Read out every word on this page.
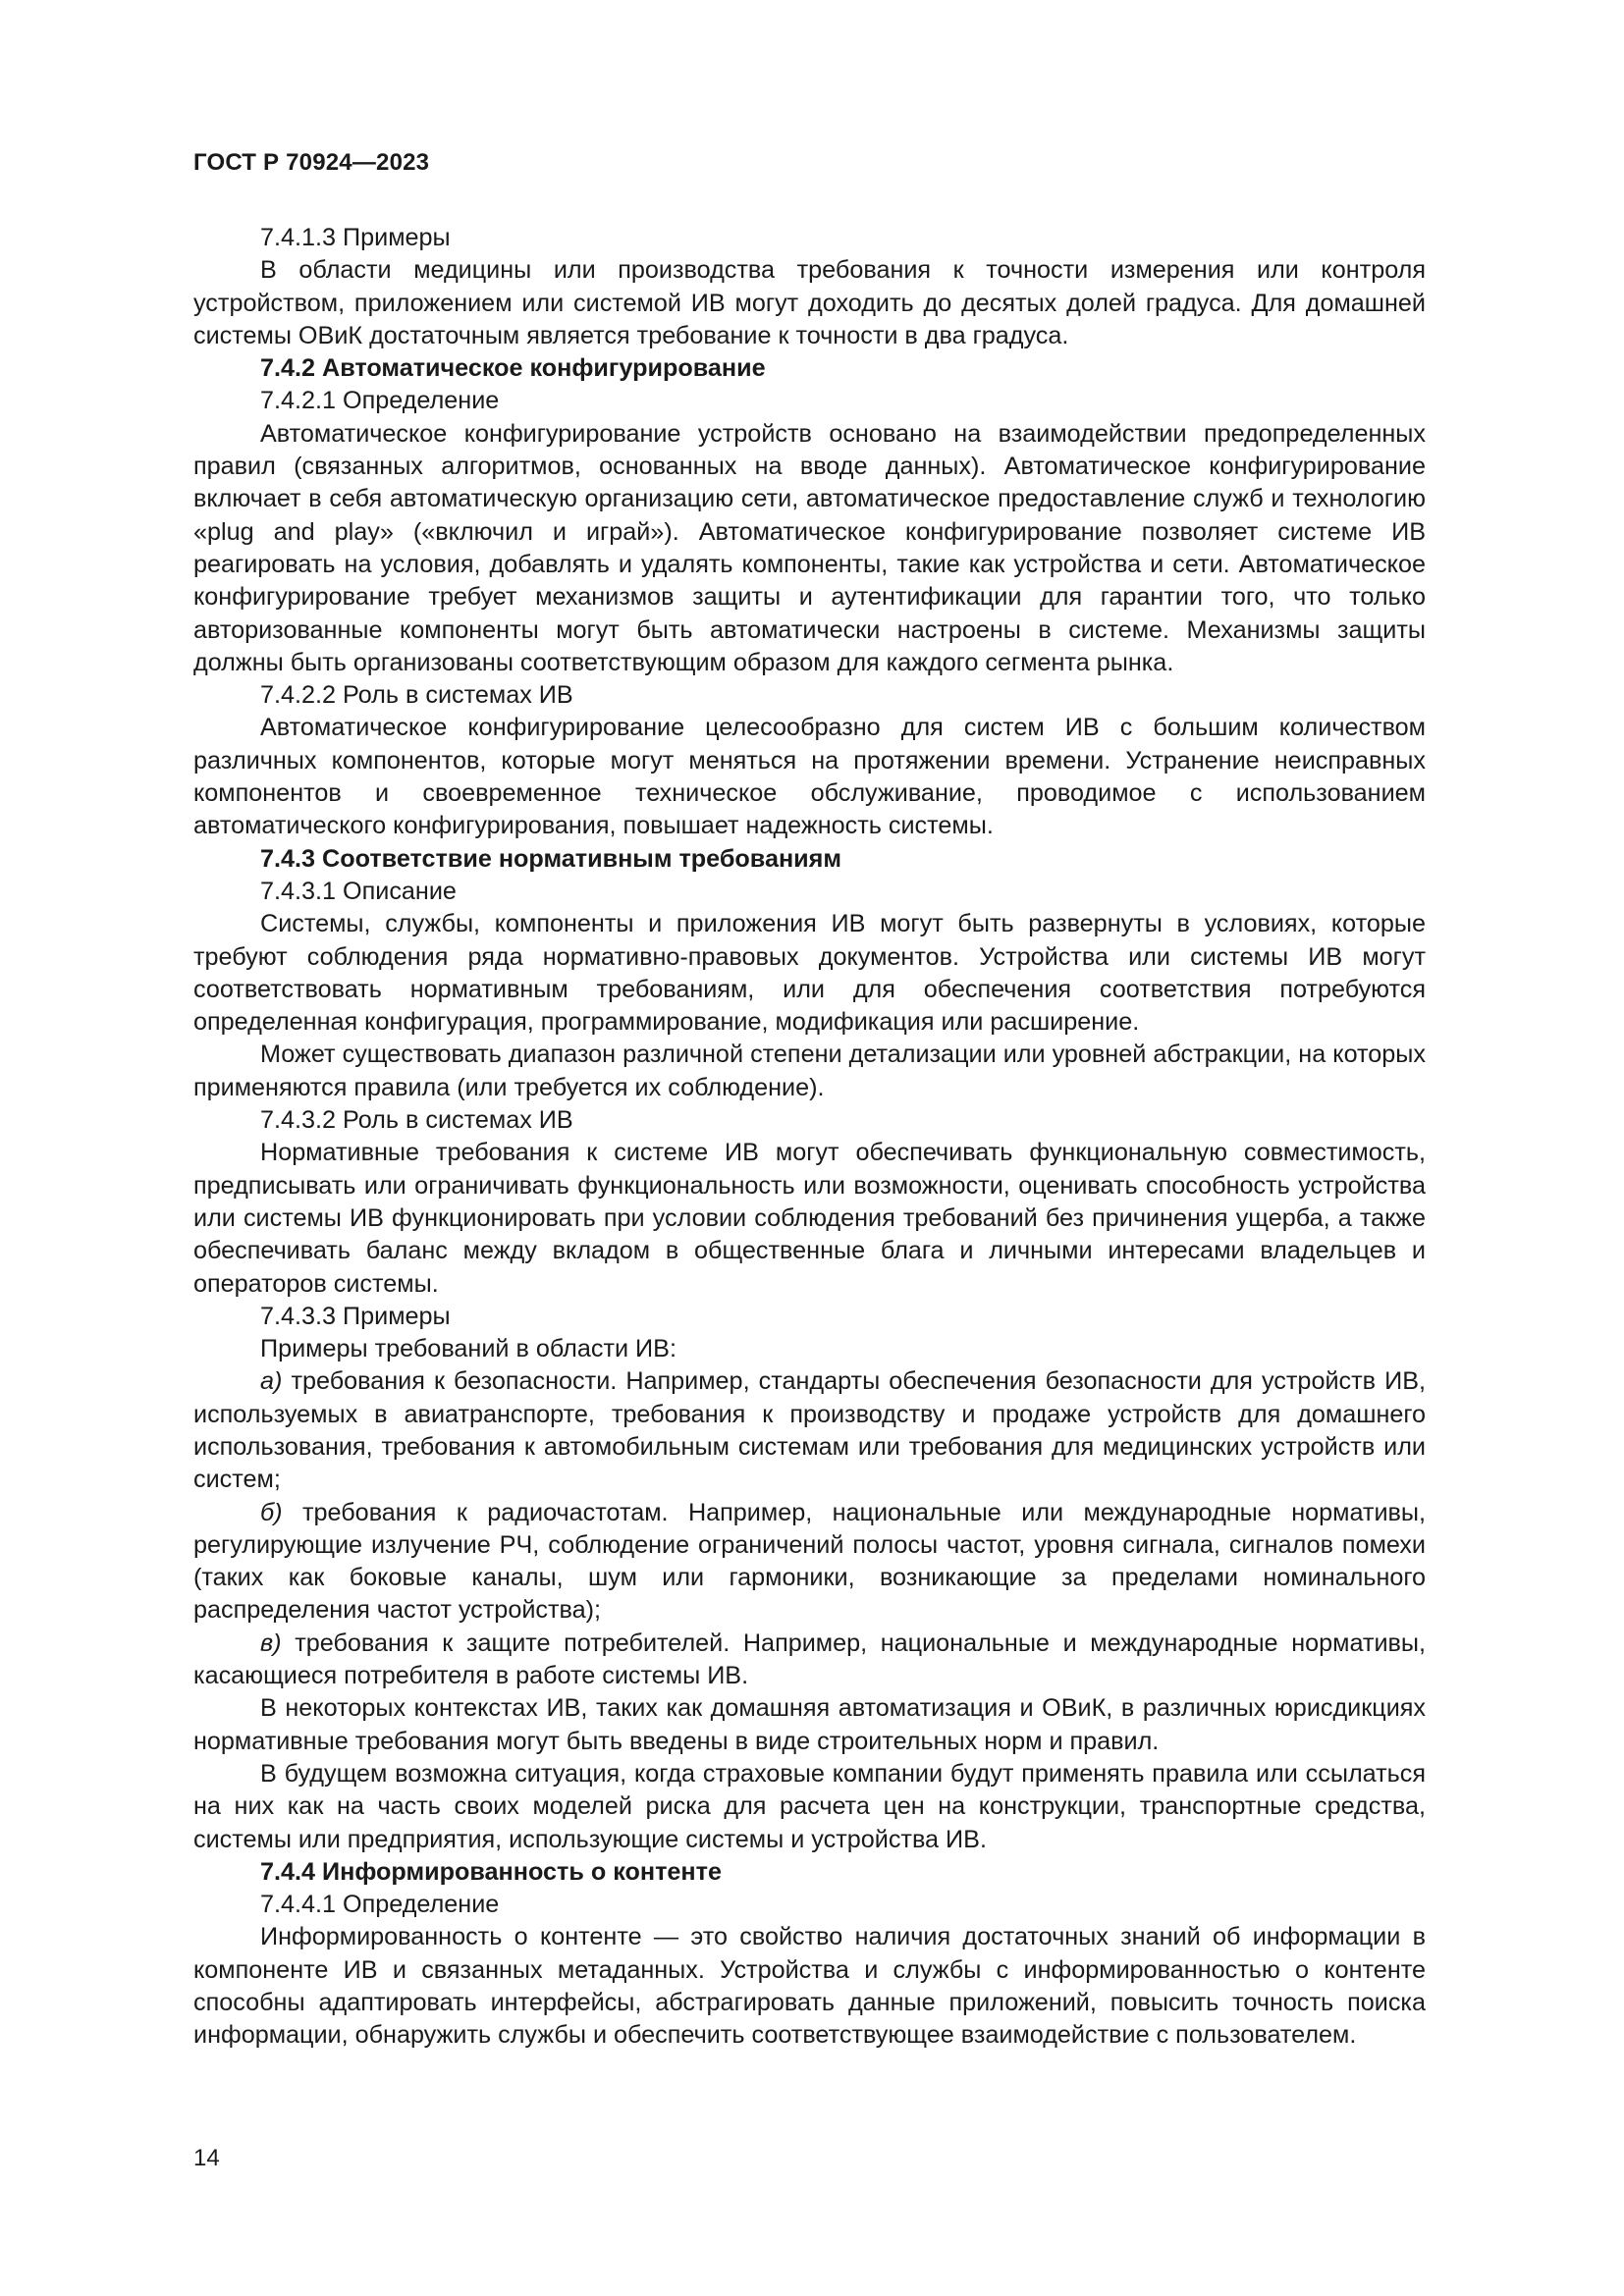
ГОСТ Р 70924—2023

7.4.1.3 Примеры

В области медицины или производства требования к точности измерения или контроля устройством, приложением или системой ИВ могут доходить до десятых долей градуса. Для домашней системы ОВиК достаточным является требование к точности в два градуса.

7.4.2 Автоматическое конфигурирование

7.4.2.1 Определение

Автоматическое конфигурирование устройств основано на взаимодействии предопределенных правил (связанных алгоритмов, основанных на вводе данных). Автоматическое конфигурирование включает в себя автоматическую организацию сети, автоматическое предоставление служб и технологию «plug and play» («включил и играй»). Автоматическое конфигурирование позволяет системе ИВ реагировать на условия, добавлять и удалять компоненты, такие как устройства и сети. Автоматическое конфигурирование требует механизмов защиты и аутентификации для гарантии того, что только авторизованные компоненты могут быть автоматически настроены в системе. Механизмы защиты должны быть организованы соответствующим образом для каждого сегмента рынка.

7.4.2.2 Роль в системах ИВ

Автоматическое конфигурирование целесообразно для систем ИВ с большим количеством различных компонентов, которые могут меняться на протяжении времени. Устранение неисправных компонентов и своевременное техническое обслуживание, проводимое с использованием автоматического конфигурирования, повышает надежность системы.

7.4.3 Соответствие нормативным требованиям

7.4.3.1 Описание

Системы, службы, компоненты и приложения ИВ могут быть развернуты в условиях, которые требуют соблюдения ряда нормативно-правовых документов. Устройства или системы ИВ могут соответствовать нормативным требованиям, или для обеспечения соответствия потребуются определенная конфигурация, программирование, модификация или расширение.

Может существовать диапазон различной степени детализации или уровней абстракции, на которых применяются правила (или требуется их соблюдение).

7.4.3.2 Роль в системах ИВ

Нормативные требования к системе ИВ могут обеспечивать функциональную совместимость, предписывать или ограничивать функциональность или возможности, оценивать способность устройства или системы ИВ функционировать при условии соблюдения требований без причинения ущерба, а также обеспечивать баланс между вкладом в общественные блага и личными интересами владельцев и операторов системы.

7.4.3.3 Примеры

Примеры требований в области ИВ:

а) требования к безопасности. Например, стандарты обеспечения безопасности для устройств ИВ, используемых в авиатранспорте, требования к производству и продаже устройств для домашнего использования, требования к автомобильным системам или требования для медицинских устройств или систем;

б) требования к радиочастотам. Например, национальные или международные нормативы, регулирующие излучение РЧ, соблюдение ограничений полосы частот, уровня сигнала, сигналов помехи (таких как боковые каналы, шум или гармоники, возникающие за пределами номинального распределения частот устройства);

в) требования к защите потребителей. Например, национальные и международные нормативы, касающиеся потребителя в работе системы ИВ.

В некоторых контекстах ИВ, таких как домашняя автоматизация и ОВиК, в различных юрисдикциях нормативные требования могут быть введены в виде строительных норм и правил.

В будущем возможна ситуация, когда страховые компании будут применять правила или ссылаться на них как на часть своих моделей риска для расчета цен на конструкции, транспортные средства, системы или предприятия, использующие системы и устройства ИВ.

7.4.4 Информированность о контенте

7.4.4.1 Определение

Информированность о контенте — это свойство наличия достаточных знаний об информации в компоненте ИВ и связанных метаданных. Устройства и службы с информированностью о контенте способны адаптировать интерфейсы, абстрагировать данные приложений, повысить точность поиска информации, обнаружить службы и обеспечить соответствующее взаимодействие с пользователем.

14
